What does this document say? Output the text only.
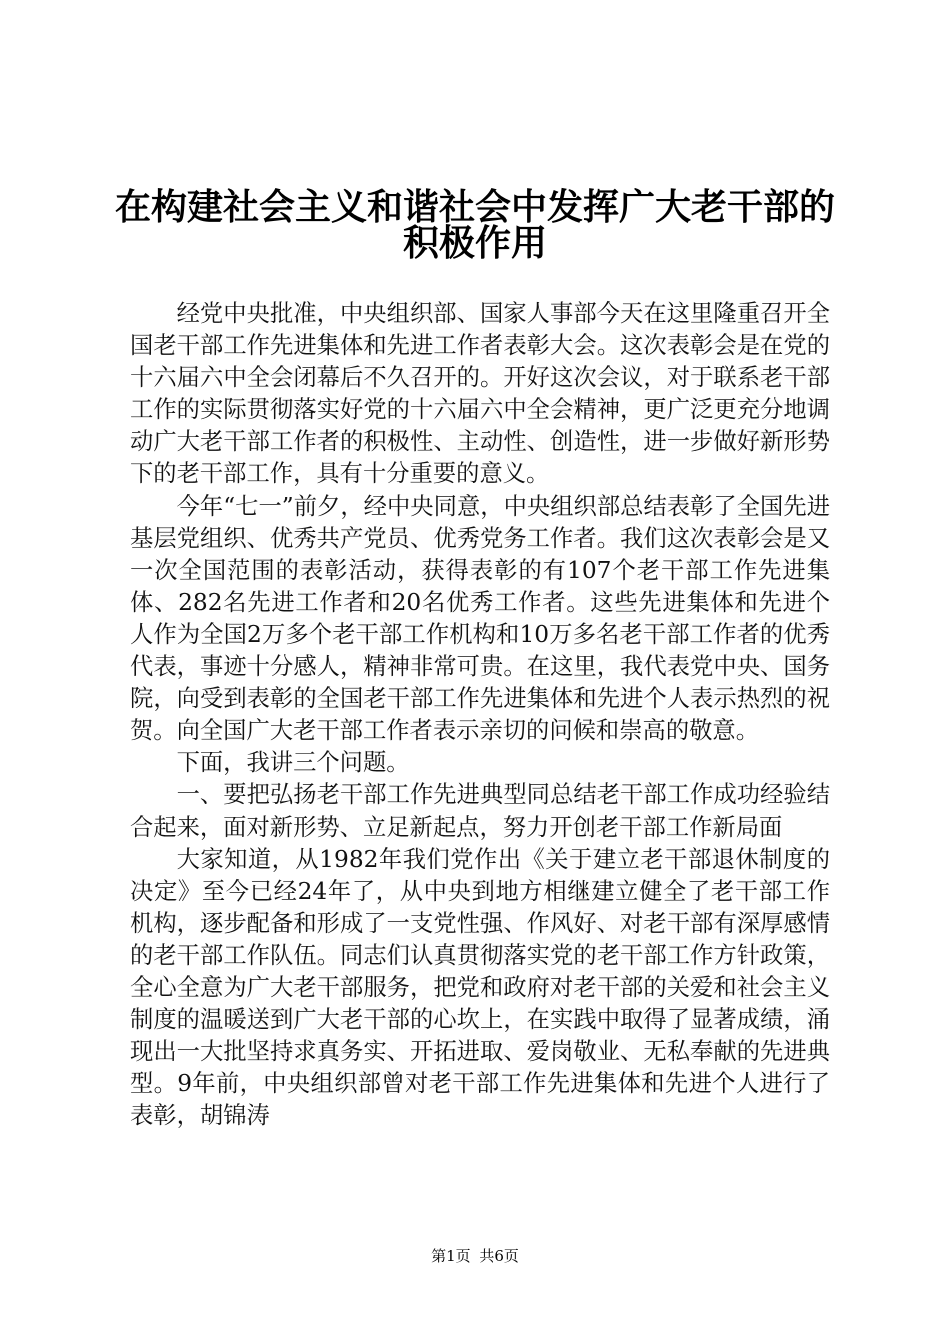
在构建社会主义和谐社会中发挥广大老干部的
积极作用

经党中央批准，中央组织部、国家人事部今天在这里隆重召开全国老干部工作先进集体和先进工作者表彰大会。这次表彰会是在党的十六届六中全会闭幕后不久召开的。开好这次会议，对于联系老干部工作的实际贯彻落实好党的十六届六中全会精神，更广泛更充分地调动广大老干部工作者的积极性、主动性、创造性，进一步做好新形势下的老干部工作，具有十分重要的意义。

今年“七一”前夕，经中央同意，中央组织部总结表彰了全国先进基层党组织、优秀共产党员、优秀党务工作者。我们这次表彰会是又一次全国范围的表彰活动，获得表彰的有107个老干部工作先进集体、282名先进工作者和20名优秀工作者。这些先进集体和先进个人作为全国2万多个老干部工作机构和10万多名老干部工作者的优秀代表，事迹十分感人，精神非常可贵。在这里，我代表党中央、国务院，向受到表彰的全国老干部工作先进集体和先进个人表示热烈的祝贺。向全国广大老干部工作者表示亲切的问候和崇高的敬意。

下面，我讲三个问题。

一、要把弘扬老干部工作先进典型同总结老干部工作成功经验结合起来，面对新形势、立足新起点，努力开创老干部工作新局面

大家知道，从1982年我们党作出《关于建立老干部退休制度的决定》至今已经24年了，从中央到地方相继建立健全了老干部工作机构，逐步配备和形成了一支党性强、作风好、对老干部有深厚感情的老干部工作队伍。同志们认真贯彻落实党的老干部工作方针政策，全心全意为广大老干部服务，把党和政府对老干部的关爱和社会主义制度的温暖送到广大老干部的心坎上，在实践中取得了显著成绩，涌现出一大批坚持求真务实、开拓进取、爱岗敬业、无私奉献的先进典型。9年前，中央组织部曾对老干部工作先进集体和先进个人进行了表彰，胡锦涛

第1页 共6页
